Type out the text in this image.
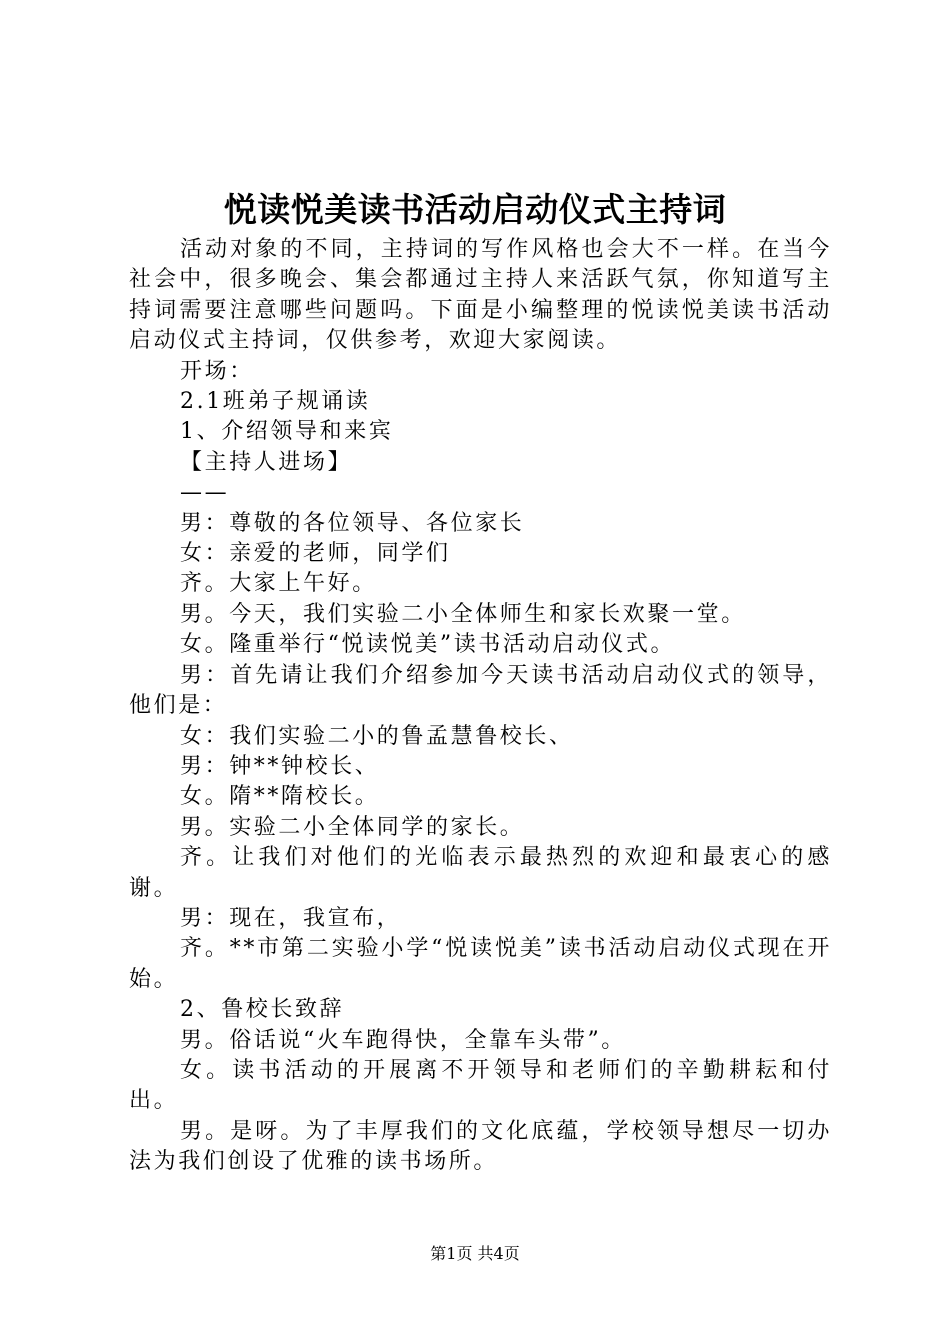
悦读悦美读书活动启动仪式主持词

活动对象的不同，主持词的写作风格也会大不一样。在当今社会中，很多晚会、集会都通过主持人来活跃气氛，你知道写主持词需要注意哪些问题吗。下面是小编整理的悦读悦美读书活动启动仪式主持词，仅供参考，欢迎大家阅读。

开场：

2.1班弟子规诵读

1、介绍领导和来宾

【主持人进场】

——

男：尊敬的各位领导、各位家长

女：亲爱的老师，同学们

齐。大家上午好。

男。今天，我们实验二小全体师生和家长欢聚一堂。

女。隆重举行“悦读悦美”读书活动启动仪式。

男：首先请让我们介绍参加今天读书活动启动仪式的领导，他们是：

女：我们实验二小的鲁孟慧鲁校长、

男：钟**钟校长、

女。隋**隋校长。

男。实验二小全体同学的家长。

齐。让我们对他们的光临表示最热烈的欢迎和最衷心的感谢。

男：现在，我宣布，

齐。**市第二实验小学“悦读悦美”读书活动启动仪式现在开始。

2、鲁校长致辞

男。俗话说“火车跑得快，全靠车头带”。

女。读书活动的开展离不开领导和老师们的辛勤耕耘和付出。

男。是呀。为了丰厚我们的文化底蕴，学校领导想尽一切办法为我们创设了优雅的读书场所。

第1页 共4页
